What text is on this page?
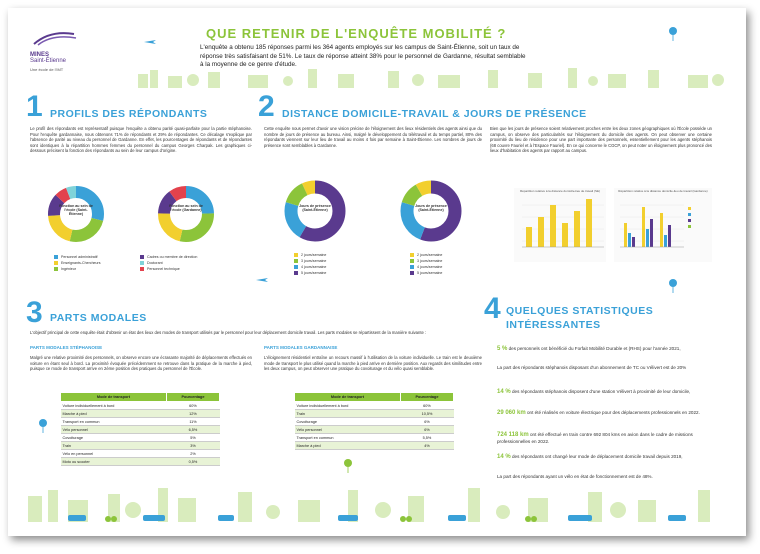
MINES
Saint-Étienne
Une école de l'IMT
QUE RETENIR DE L'ENQUÊTE MOBILITÉ ?
L'enquête a obtenu 185 réponses parmi les 364 agents employés sur les campus de Saint-Étienne, soit un taux de réponse très satisfaisant de 51%. Le taux de réponse atteint 38% pour le personnel de Gardanne, résultat semblable à la moyenne de ce genre d'étude.
1 PROFILS DES RÉPONDANTS
Le profil des répondants est représentatif puisque l'enquête a obtenu parité quasi-parfaite pour la partie stéphanoise. Pour l'enquête gardannaise, nous obtenons 71% de répondants et 29% de répondantes. Ce décalage s'explique par l'absence de parité au niveau du personnel de Gardanne. En effet, les pourcentages de répondants et de répondantes sont identiques à la répartition hommes femmes du personnel du campus Georges Charpak. Les graphiques ci-dessous précisent la fonction des répondants au sein de leur campus d'origine.
Fonction au sein de l'école (Saint-Étienne)
Fonction au sein de l'école (Gardanne)
Personnel administratif
Enseignants-Chercheurs
Ingénieur
Cadres ou membre de direction
Doctorant
Personnel technique
2 DISTANCE DOMICILE-TRAVAIL & JOURS DE PRÉSENCE
Cette enquête nous permet d'avoir une vision précise de l'éloignement des lieux résidentiels des agents ainsi que du nombre de jours de présence au bureau. Ainsi, malgré le développement du télétravail et du temps partiel, 80% des répondants viennent sur leur lieu de travail au moins 4 fois par semaine à Saint-Étienne. Les nombres de jours de présence sont semblables à Gardanne.
Bien que les jours de présence soient relativement proches entre les deux zones géographiques où l'École possède un campus, on observe des particularités sur l'éloignement du domicile des agents. On peut observer une certaine proximité du lieu de résidence pour une part importante des personnels, essentiellement pour les agents stéphanois (68 couvre Fauriel et à l'Espace Fauriel). En ce qui concerne le CGCP, on peut noter un éloignement plus prononcé des lieux d'habitation des agents par rapport au campus.
Jours de présence (Saint-Étienne)
Jours de présence (Saint-Étienne)
2 jours/semaine
3 jours/semaine
4 jours/semaine
5 jours/semaine
2 jours/semaine
3 jours/semaine
4 jours/semaine
5 jours/semaine
Répartition relative à la distance domicile-lieu de travail (SE)	Répartition relative à la distance domicile-lieu de travail (Gardanne)
3 PARTS MODALES
L'objectif principal de cette enquête était d'obtenir un état des lieux des modes de transport utilisés par le personnel pour leur déplacement domicile travail. Les parts modales se répartissent de la manière suivante :
PARTS MODALES STÉPHANOISE
Malgré une relative proximité des personnels, on observe encore une écrasante majorité de déplacements effectués en voiture en étant seul à bord. La proximité évoquée précédemment se retrouve dans la pratique de la marche à pied, puisque ce mode de transport arrive en 2ème position des pratiques du personnel de l'École.
PARTS MODALES GARDANNAISE
L'éloignement résidentiel entraîne un recours massif à l'utilisation de la voiture individuelle. Le train est le deuxième mode de transport le plus utilisé quand la marche à pied arrive en dernière position. Aux regards des similitudes entre les deux campus, on peut observer une pratique du covoiturage et du vélo quasi semblable.
Mode de transport	Pourcentage
Voiture individuellement à bord	60%
Marche à pied	12%
Transport en commun	11%
Vélo personnel	6,5%
Covoiturage	5%
Train	3%
Vélo en personnel	2%
Moto ou scooter	0,5%
Mode de transport	Pourcentage
Voiture individuellement à bord	60%
Train	10,5%
Covoiturage	6%
Vélo personnel	6%
Transport en commun	5,5%
Marche à pied	4%
4 QUELQUES STATISTIQUES INTÉRESSANTES
5 % des personnels ont bénéficié du Forfait Mobilité Durable et (RHS) pour l'année 2021,
La part des répondants stéphanois disposant d'un abonnement de TC ou Vélivert est de 20%
14 % des répondants stéphanois disposent d'une station Vélivert à proximité de leur domicile,
29 060 km ont été réalisés en voiture électrique pour des déplacements professionnels en 2022.
724 118 km ont été effectué en train contre 692 804 kms en avion dans le cadre de missions professionnelles en 2022.
14 % des répondants ont changé leur mode de déplacement domicile travail depuis 2019,
La part des répondants ayant un vélo en état de fonctionnement est de 48%.
